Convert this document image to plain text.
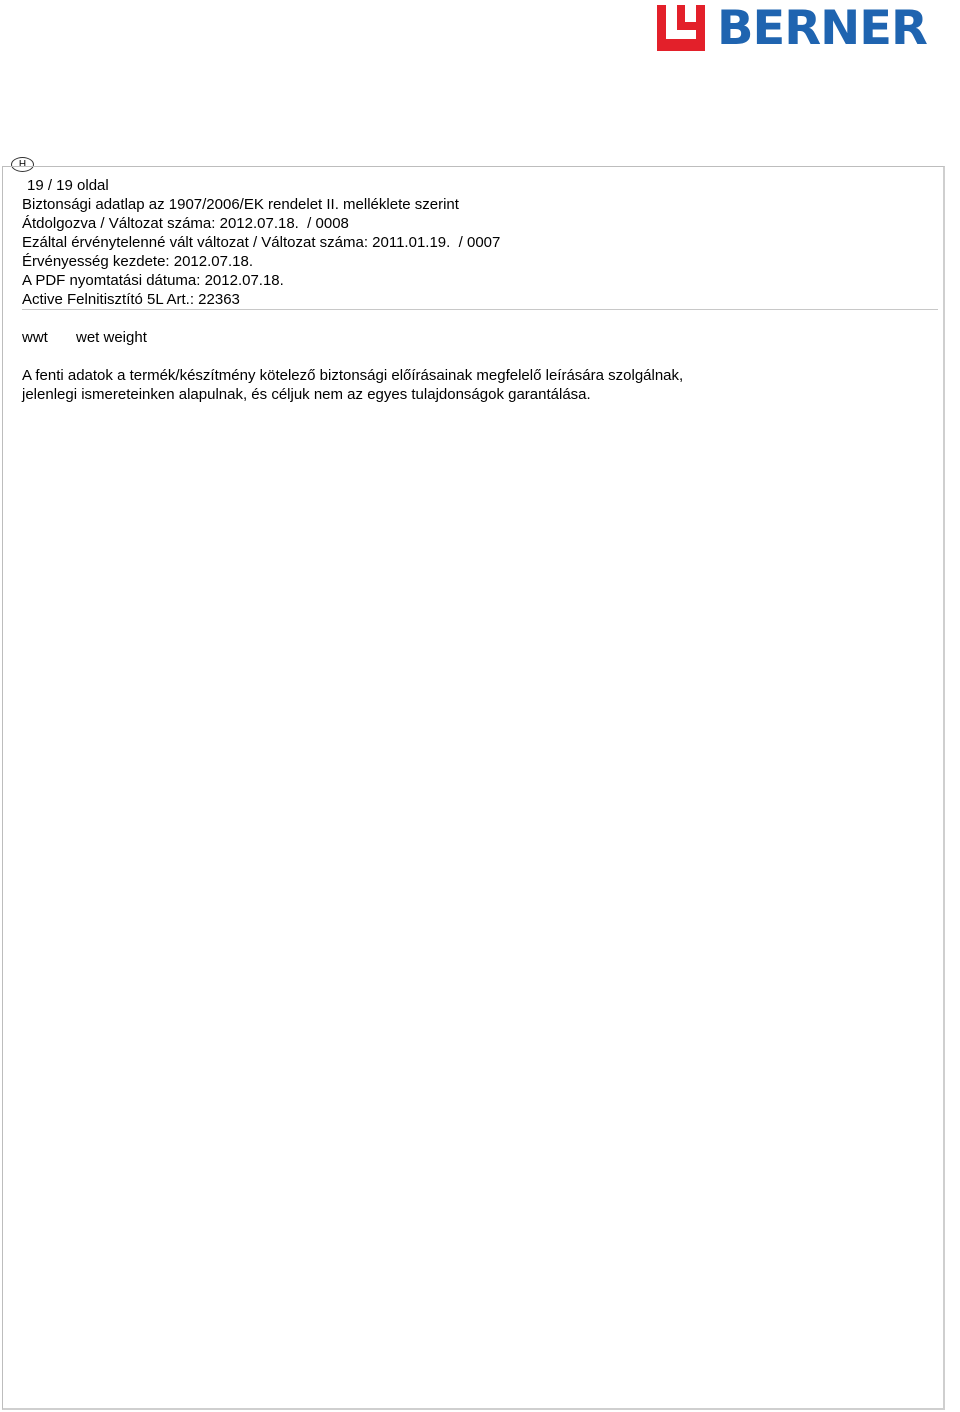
BERNER
H
19 / 19 oldal
Biztonsági adatlap az 1907/2006/EK rendelet II. melléklete szerint
Átdolgozva / Változat száma: 2012.07.18.  / 0008
Ezáltal érvénytelenné vált változat / Változat száma: 2011.01.19.  / 0007
Érvényesség kezdete: 2012.07.18.
A PDF nyomtatási dátuma: 2012.07.18.
Active Felnitisztító 5L Art.: 22363
wwt wet weight
A fenti adatok a termék/készítmény kötelező biztonsági előírásainak megfelelő leírására szolgálnak,
jelenlegi ismereteinken alapulnak, és céljuk nem az egyes tulajdonságok garantálása.
